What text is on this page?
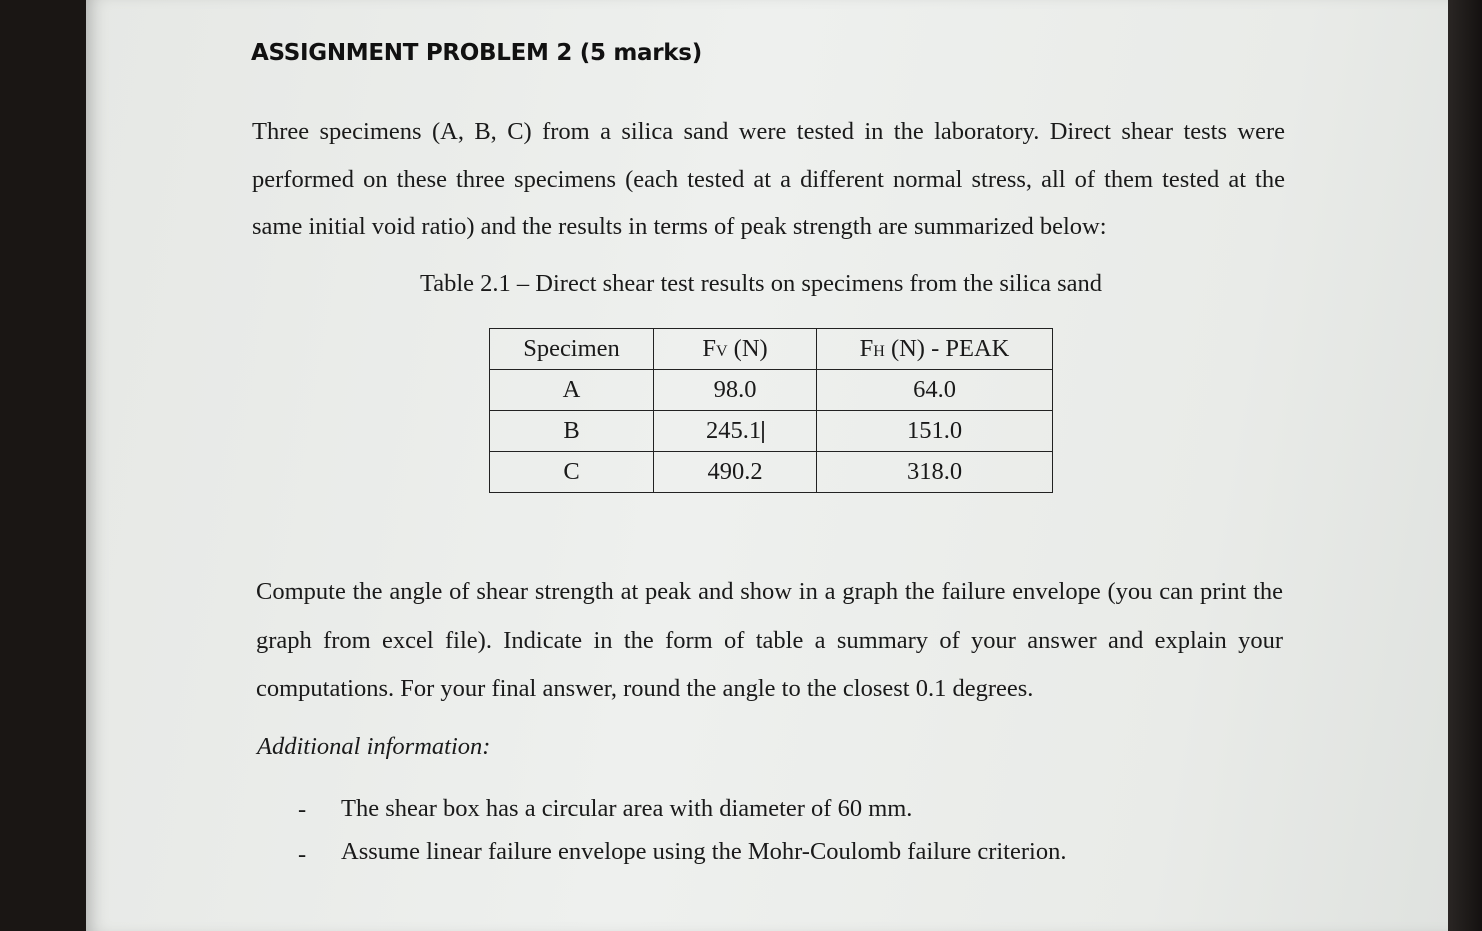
ASSIGNMENT PROBLEM 2 (5 marks)
Three specimens (A, B, C) from a silica sand were tested in the laboratory. Direct shear tests were performed on these three specimens (each tested at a different normal stress, all of them tested at the same initial void ratio) and the results in terms of peak strength are summarized below:
Table 2.1 – Direct shear test results on specimens from the silica sand
Specimen	FV (N)	FH (N) - PEAK
A	98.0	64.0
B	245.1	151.0
C	490.2	318.0
Compute the angle of shear strength at peak and show in a graph the failure envelope (you can print the graph from excel file). Indicate in the form of table a summary of your answer and explain your computations. For your final answer, round the angle to the closest 0.1 degrees.
Additional information:
- The shear box has a circular area with diameter of 60 mm.
- Assume linear failure envelope using the Mohr-Coulomb failure criterion.
